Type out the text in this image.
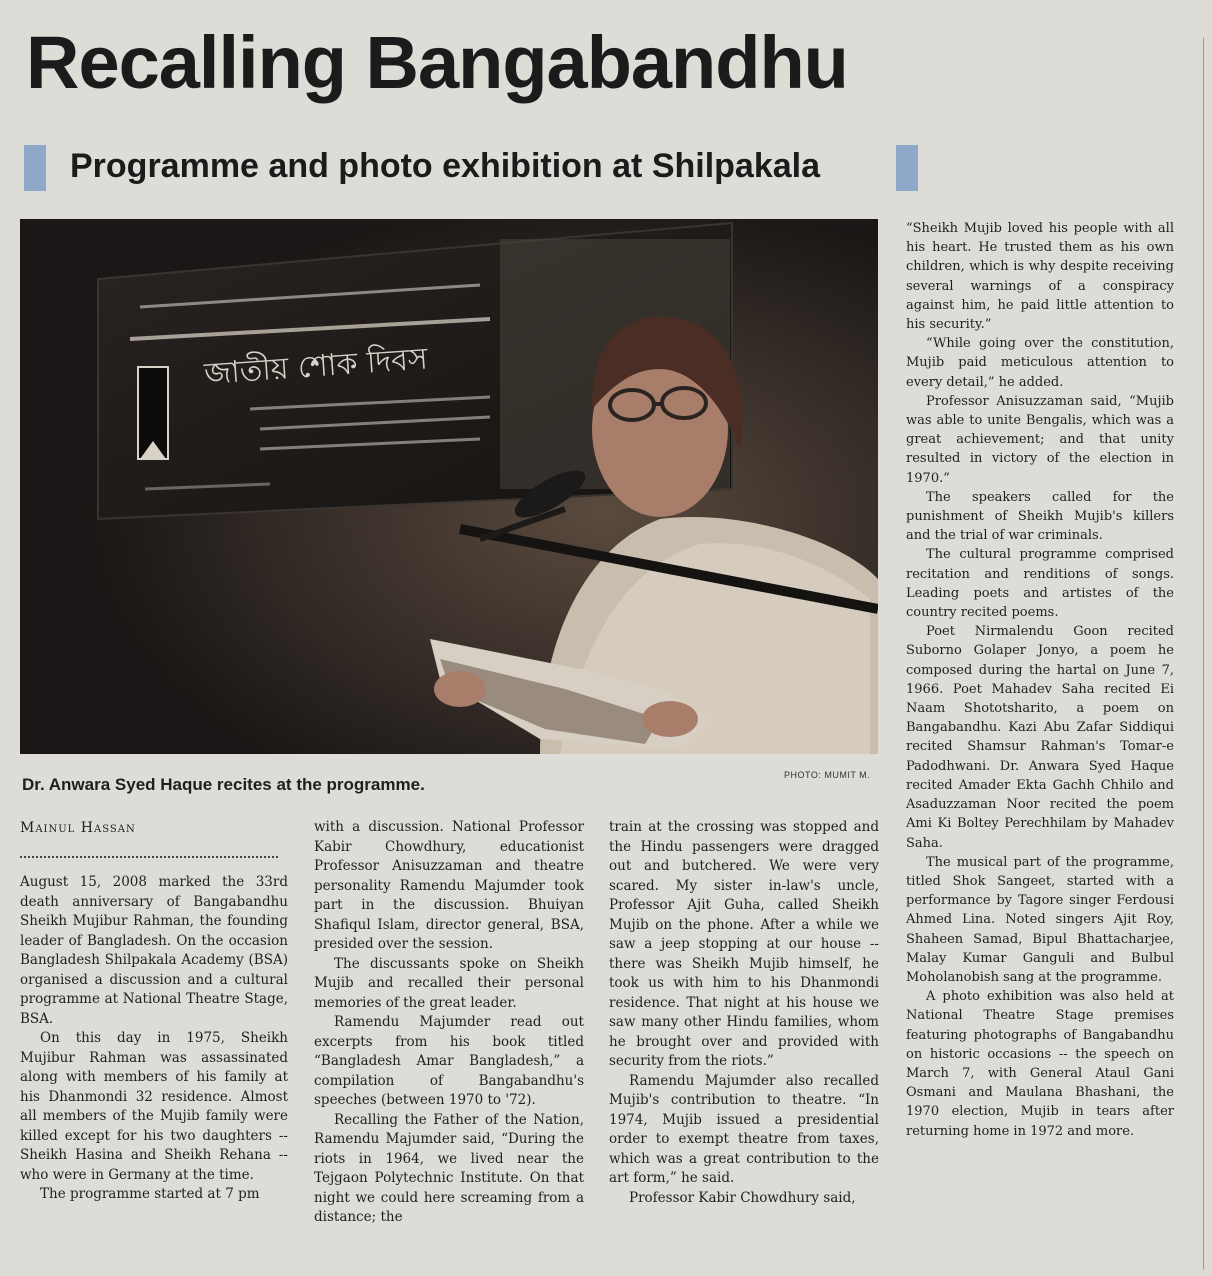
Recalling Bangabandhu
Programme and photo exhibition at Shilpakala
জাতীয় শোক দিবস

Dr. Anwara Syed Haque recites at the programme.	PHOTO: MUMIT M.
Mainul Hassan

August 15, 2008 marked the 33rd death anniversary of Bangabandhu Sheikh Mujibur Rahman, the founding leader of Bangladesh. On the occasion Bangladesh Shilpakala Academy (BSA) organised a discussion and a cultural programme at National Theatre Stage, BSA.

On this day in 1975, Sheikh Mujibur Rahman was assassinated along with members of his family at his Dhanmondi 32 residence. Almost all members of the Mujib family were killed except for his two daughters -- Sheikh Hasina and Sheikh Rehana -- who were in Germany at the time.

The programme started at 7 pm

with a discussion. National Professor Kabir Chowdhury, educationist Professor Anisuzzaman and theatre personality Ramendu Majumder took part in the discussion. Bhuiyan Shafiqul Islam, director general, BSA, presided over the session.

The discussants spoke on Sheikh Mujib and recalled their personal memories of the great leader.

Ramendu Majumder read out excerpts from his book titled “Bangladesh Amar Bangladesh,” a compilation of Bangabandhu's speeches (between 1970 to '72).

Recalling the Father of the Nation, Ramendu Majumder said, “During the riots in 1964, we lived near the Tejgaon Polytechnic Institute. On that night we could here screaming from a distance; the

train at the crossing was stopped and the Hindu passengers were dragged out and butchered. We were very scared. My sister in-law's uncle, Professor Ajit Guha, called Sheikh Mujib on the phone. After a while we saw a jeep stopping at our house -- there was Sheikh Mujib himself, he took us with him to his Dhanmondi residence. That night at his house we saw many other Hindu families, whom he brought over and provided with security from the riots.”

Ramendu Majumder also recalled Mujib's contribution to theatre. “In 1974, Mujib issued a presidential order to exempt theatre from taxes, which was a great contribution to the art form,” he said.

Professor Kabir Chowdhury said,

“Sheikh Mujib loved his people with all his heart. He trusted them as his own children, which is why despite receiving several warnings of a conspiracy against him, he paid little attention to his security.”

“While going over the constitution, Mujib paid meticulous attention to every detail,” he added.

Professor Anisuzzaman said, “Mujib was able to unite Bengalis, which was a great achievement; and that unity resulted in victory of the election in 1970.”

The speakers called for the punishment of Sheikh Mujib's killers and the trial of war criminals.

The cultural programme comprised recitation and renditions of songs. Leading poets and artistes of the country recited poems.

Poet Nirmalendu Goon recited Suborno Golaper Jonyo, a poem he composed during the hartal on June 7, 1966. Poet Mahadev Saha recited Ei Naam Shototsharito, a poem on Bangabandhu. Kazi Abu Zafar Siddiqui recited Shamsur Rahman's Tomar-e Padodhwani. Dr. Anwara Syed Haque recited Amader Ekta Gachh Chhilo and Asaduzzaman Noor recited the poem Ami Ki Boltey Perechhilam by Mahadev Saha.

The musical part of the programme, titled Shok Sangeet, started with a performance by Tagore singer Ferdousi Ahmed Lina. Noted singers Ajit Roy, Shaheen Samad, Bipul Bhattacharjee, Malay Kumar Ganguli and Bulbul Moholanobish sang at the programme.

A photo exhibition was also held at National Theatre Stage premises featuring photographs of Bangabandhu on historic occasions -- the speech on March 7, with General Ataul Gani Osmani and Maulana Bhashani, the 1970 election, Mujib in tears after returning home in 1972 and more.
